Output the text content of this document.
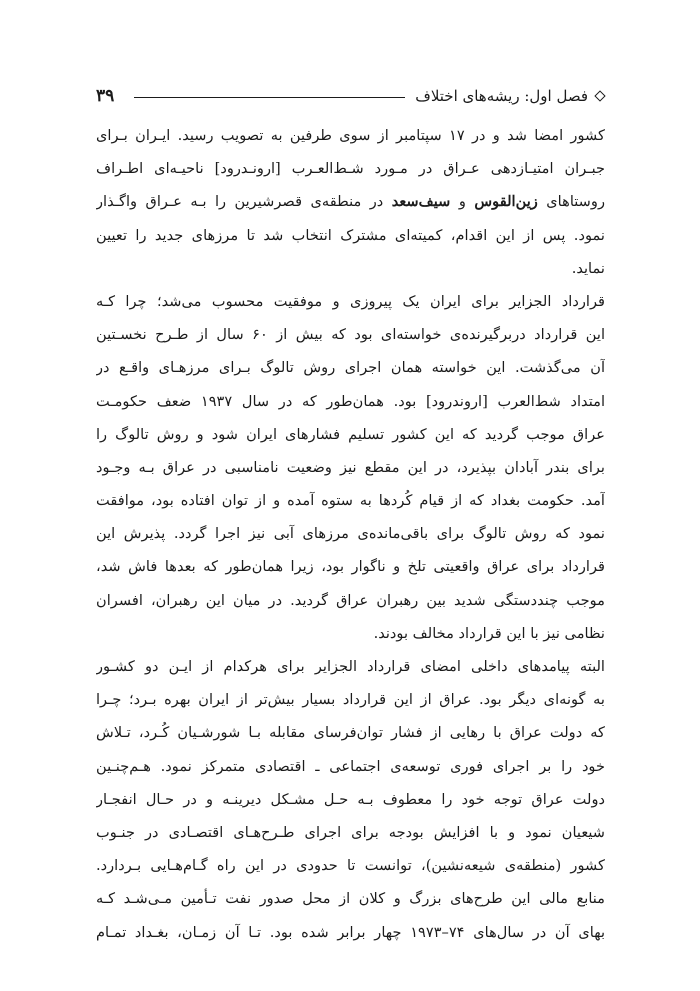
فصل اول: ریشه‌های اختلاف
۳۹
کشور امضا شد و در ۱۷ سپتامبر از سوی طرفین به تصویب رسید. ایـران بـرای
جبـران امتیـازدهی عـراق در مـورد شـط‌العـرب [ارونـدرود] ناحیـه‌ای اطـراف
روستاهای زین‌القوس و سیف‌سعد در منطقه‌ی قصرشیرین را بـه عـراق واگـذار
نمود. پس از این اقدام، کمیته‌ای مشترک انتخاب شد تا مرزهای جدید را تعیین
نماید.
قرارداد الجزایر برای ایران یک پیروزی و موفقیت محسوب می‌شد؛ چرا کـه
این قرارداد دربرگیرنده‌ی خواسته‌ای بود که بیش از ۶۰ سال از طـرح نخسـتین
آن می‌گذشت. این خواسته همان اجرای روش تالوگ بـرای مرزهـای واقـع در
امتداد شط‌العرب [اروندرود] بود. همان‌طور که در سال ۱۹۳۷ ضعف حکومـت
عراق موجب گردید که این کشور تسلیم فشارهای ایران شود و روش تالوگ را
برای بندر آبادان بپذیرد، در این مقطع نیز وضعیت نامناسبی در عراق بـه وجـود
آمد. حکومت بغداد که از قیام کُردها به ستوه آمده و از توان افتاده بود، موافقت
نمود که روش تالوگ برای باقی‌مانده‌ی مرزهای آبی نیز اجرا گردد. پذیرش این
قرارداد برای عراق واقعیتی تلخ و ناگوار بود، زیرا همان‌طور که بعدها فاش شد،
موجب چنددستگی شدید بین رهبران عراق گردید. در میان این رهبران، افسران
نظامی نیز با این قرارداد مخالف بودند.
البته پیامدهای داخلی امضای قرارداد الجزایر برای هرکدام از ایـن دو کشـور
به گونه‌ای دیگر بود. عراق از این قرارداد بسیار بیش‌تر از ایران بهره بـرد؛ چـرا
که دولت عراق با رهایی از فشار توان‌فرسای مقابله بـا شورشـیان کُـرد، تـلاش
خود را بر اجرای فوری توسعه‌ی اجتماعی ـ اقتصادی متمرکز نمود. هـم‌چنـین
دولت عراق توجه خود را معطوف بـه حـل مشـکل دیرینـه و در حـال انفجـار
شیعیان نمود و با افزایش بودجه برای اجرای طـرح‌هـای اقتصـادی در جنـوب
کشور (منطقه‌ی شیعه‌نشین)، توانست تا حدودی در این راه گـام‌هـایی بـردارد.
منابع مالی این طرح‌های بزرگ و کلان از محل صدور نفت تـأمین مـی‌شـد کـه
بهای آن در سال‌های ۷۴–۱۹۷۳ چهار برابر شده بود. تـا آن زمـان، بغـداد تمـام
